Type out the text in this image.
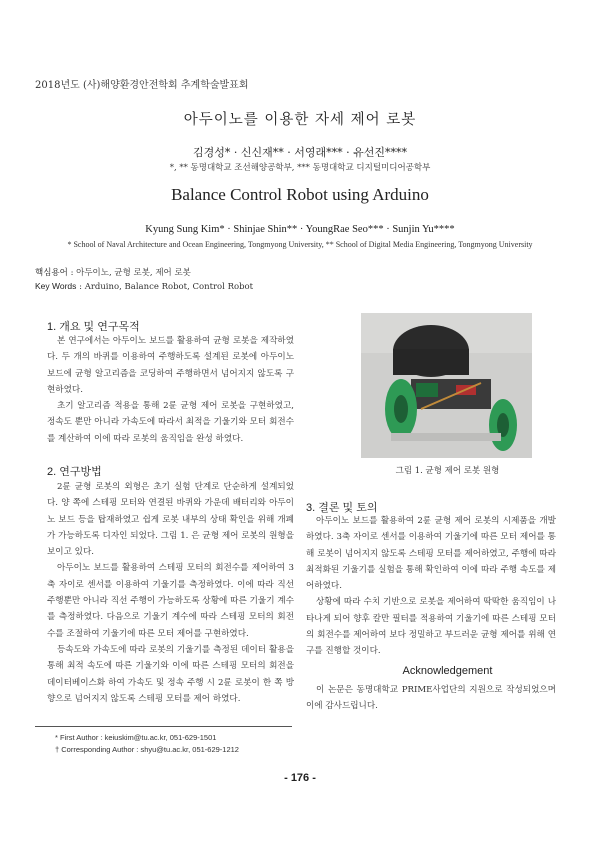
2018년도 (사)해양환경안전학회 추계학술발표회
아두이노를 이용한 자세 제어 로봇
김경성* · 신신재** · 서영래*** · 유선진****
*, ** 동명대학교 조선해양공학부, *** 동명대학교 디지털미디어공학부
Balance Control Robot using Arduino
Kyung Sung Kim* · Shinjae Shin** · YoungRae Seo*** · Sunjin Yu****
* School of Naval Architecture and Ocean Engineering, Tongmyong University, ** School of Digital Media Engineering, Tongmyong University
핵심용어 : 아두이노, 균형 로봇, 제어 로봇
Key Words : Arduino, Balance Robot, Control Robot
1. 개요 및 연구목적

본 연구에서는 아두이노 보드를 활용하여 균형 로봇을 제작하였다. 두 개의 바퀴를 이용하여 주행하도록 설계된 로봇에 아두이노 보드에 균형 알고리즘을 코딩하여 주행하면서 넘어지지 않도록 구현하였다.

초기 알고리즘 적용을 통해 2륜 균형 제어 로봇을 구현하였고, 정속도 뿐만 아니라 가속도에 따라서 최적을 기울기와 모터 회전수를 계산하여 이에 따라 로봇의 움직임을 완성 하였다.

2. 연구방법

2륜 균형 로봇의 외형은 초기 실험 단계로 단순하게 설계되었다. 양 쪽에 스테핑 모터와 연결된 바퀴와 가운데 배터리와 아두이노 보드 등을 탑재하였고 쉽게 로봇 내부의 상태 확인을 위해 개폐가 가능하도록 디자인 되었다. 그림 1. 은 균형 제어 로봇의 원형을 보이고 있다.

아두이노 보드를 활용하여 스테핑 모터의 회전수를 제어하여 3축 자이로 센서를 이용하여 기울기를 측정하였다. 이에 따라 직선 주행뿐만 아니라 직선 주행이 가능하도록 상황에 따른 기울기 계수를 측정하였다. 다음으로 기울기 계수에 따라 스테핑 모터의 회전수를 조절하여 기울기에 따른 모터 제어를 구현하였다.

등속도와 가속도에 따라 로봇의 기울기를 측정된 데이터 활용을 통해 최적 속도에 따른 기울기와 이에 따른 스테핑 모터의 회전을 데이터베이스화 하여 가속도 및 정속 주행 시 2륜 로봇이 한 쪽 방향으로 넘어지지 않도록 스테핑 모터를 제어 하였다.

그림 1. 균형 제어 로봇 원형
3. 결론 및 토의

아두이노 보드를 활용하여 2륜 균형 제어 로봇의 시제품을 개발하였다. 3축 자이로 센서를 이용하여 기울기에 따른 모터 제어를 통해 로봇이 넘어지지 않도록 스테핑 모터를 제어하였고, 주행에 따라 최적화된 기울기를 실험을 통해 확인하여 이에 따라 주행 속도를 제어하였다.

상황에 따라 수치 기반으로 로봇을 제어하여 딱딱한 움직임이 나타나게 되어 향후 칼만 필터를 적용하여 기울기에 따른 스테핑 모터의 회전수를 제어하여 보다 정밀하고 부드러운 균형 제어를 위해 연구를 진행할 것이다.

Acknowledgement

이 논문은 동명대학교 PRIME사업단의 지원으로 작성되었으며 이에 감사드립니다.

* First Author : keiuskim@tu.ac.kr, 051-629-1501
† Corresponding Author : shyu@tu.ac.kr, 051-629-1212
- 176 -
